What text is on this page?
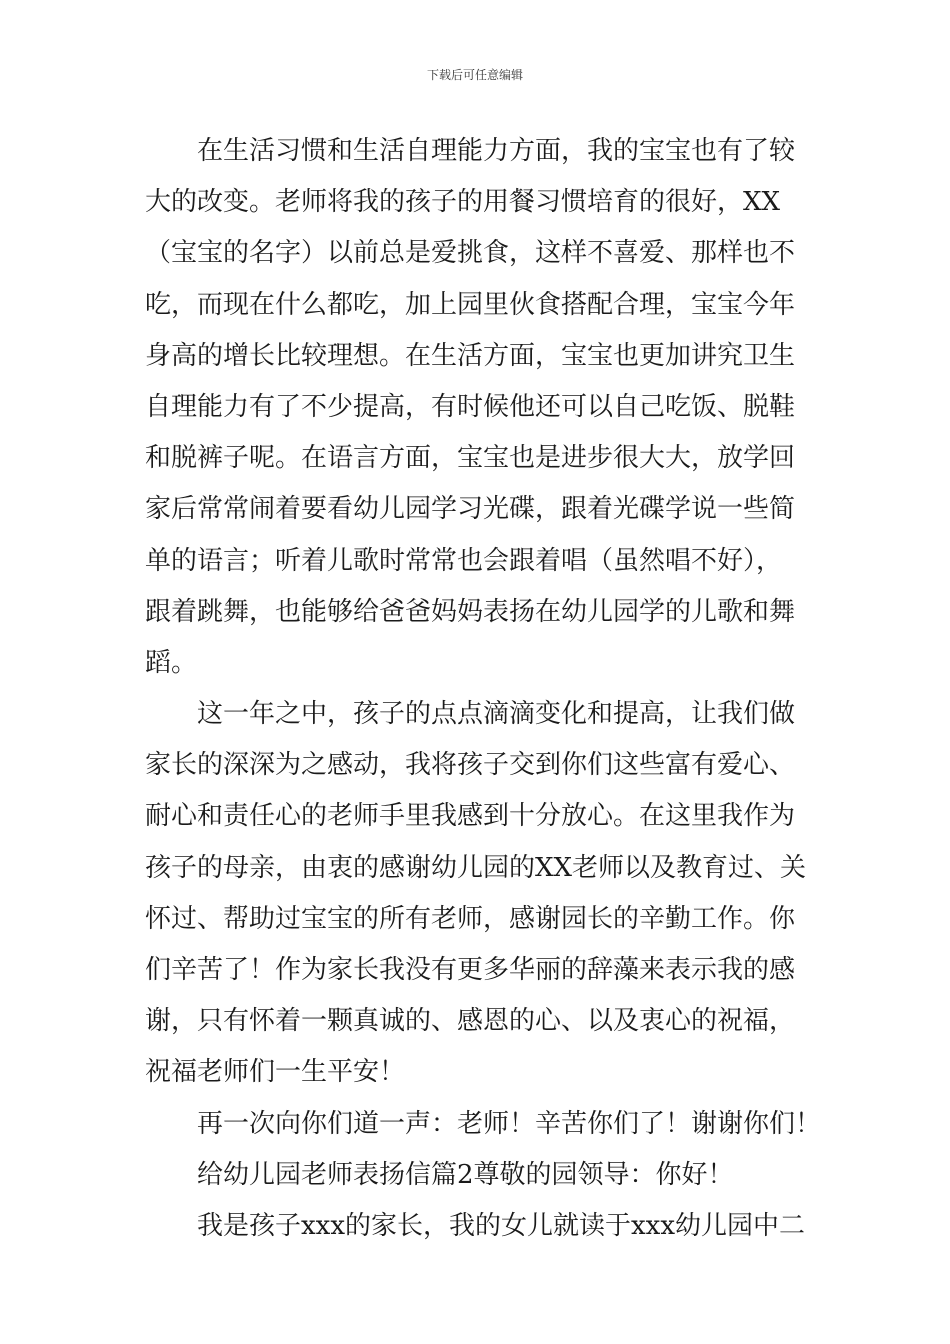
下载后可任意编辑
在生活习惯和生活自理能力方面，我的宝宝也有了较
大的改变。老师将我的孩子的用餐习惯培育的很好，XX
（宝宝的名字）以前总是爱挑食，这样不喜爱、那样也不
吃，而现在什么都吃，加上园里伙食搭配合理，宝宝今年
身高的增长比较理想。在生活方面，宝宝也更加讲究卫生
自理能力有了不少提高，有时候他还可以自己吃饭、脱鞋
和脱裤子呢。在语言方面，宝宝也是进步很大大，放学回
家后常常闹着要看幼儿园学习光碟，跟着光碟学说一些简
单的语言；听着儿歌时常常也会跟着唱（虽然唱不好），
跟着跳舞，也能够给爸爸妈妈表扬在幼儿园学的儿歌和舞
蹈。
这一年之中，孩子的点点滴滴变化和提高，让我们做
家长的深深为之感动，我将孩子交到你们这些富有爱心、
耐心和责任心的老师手里我感到十分放心。在这里我作为
孩子的母亲，由衷的感谢幼儿园的XX老师以及教育过、关
怀过、帮助过宝宝的所有老师，感谢园长的辛勤工作。你
们辛苦了！作为家长我没有更多华丽的辞藻来表示我的感
谢，只有怀着一颗真诚的、感恩的心、以及衷心的祝福，
祝福老师们一生平安！
再一次向你们道一声：老师！辛苦你们了！谢谢你们！
给幼儿园老师表扬信篇2尊敬的园领导：你好！
我是孩子xxx的家长，我的女儿就读于xxx幼儿园中二
